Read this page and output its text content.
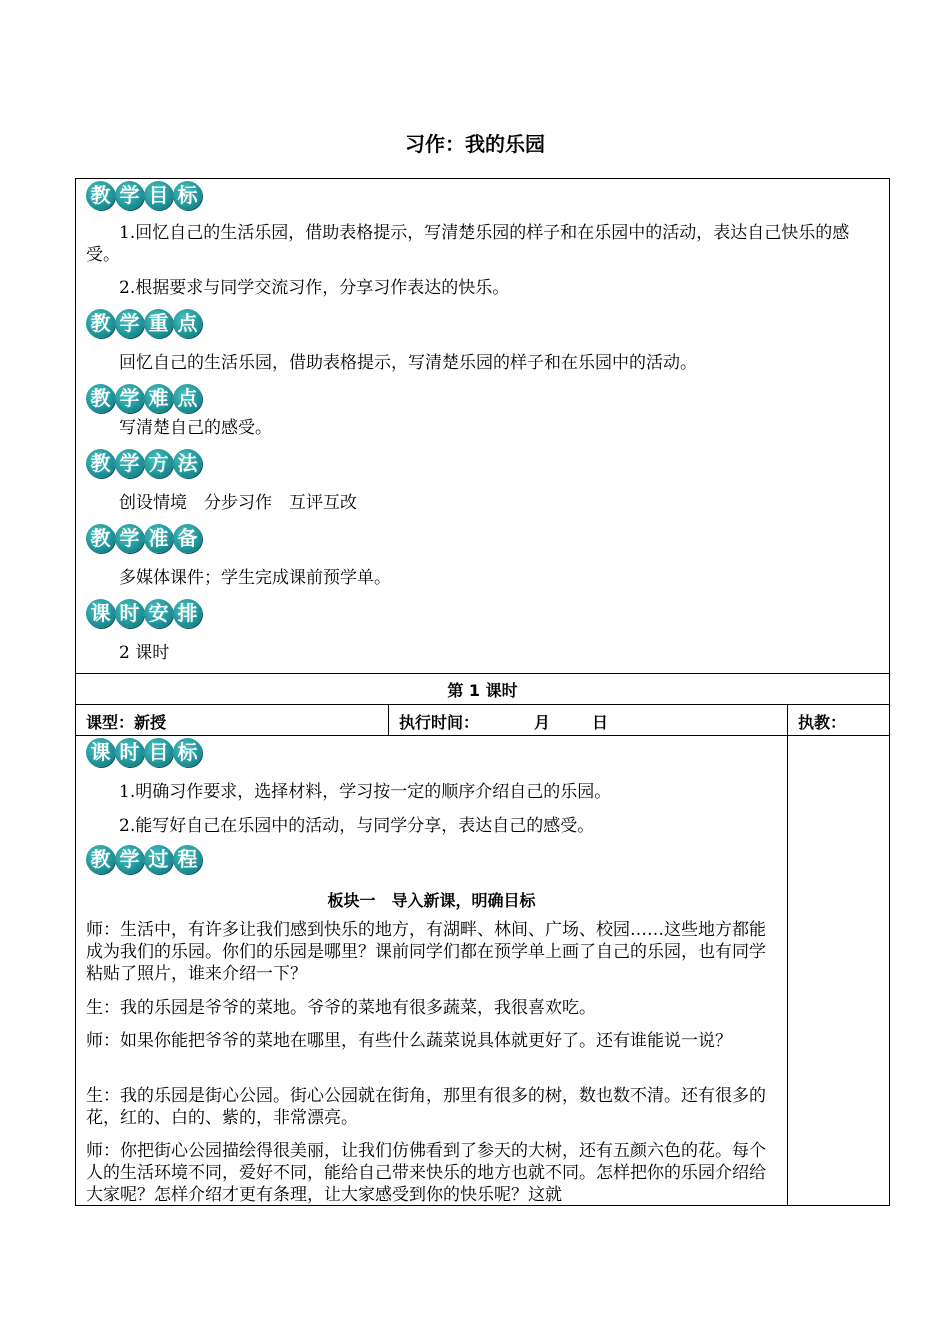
习作：我的乐园
教 学 目 标
1.回忆自己的生活乐园，借助表格提示，写清楚乐园的样子和在乐园中的活动，表达自己快乐的感受。
2.根据要求与同学交流习作，分享习作表达的快乐。
教 学 重 点
回忆自己的生活乐园，借助表格提示，写清楚乐园的样子和在乐园中的活动。
教 学 难 点
写清楚自己的感受。
教 学 方 法
创设情境　分步习作　互评互改
教 学 准 备
多媒体课件；学生完成课前预学单。
课 时 安 排
2 课时
第 1 课时
课型：新授	执行时间：	月	日	执教：
课 时 目 标
1.明确习作要求，选择材料，学习按一定的顺序介绍自己的乐园。
2.能写好自己在乐园中的活动，与同学分享，表达自己的感受。
教 学 过 程
板块一　导入新课，明确目标
师：生活中，有许多让我们感到快乐的地方，有湖畔、林间、广场、校园……这些地方都能成为我们的乐园。你们的乐园是哪里？课前同学们都在预学单上画了自己的乐园，也有同学粘贴了照片，谁来介绍一下？
生：我的乐园是爷爷的菜地。爷爷的菜地有很多蔬菜，我很喜欢吃。
师：如果你能把爷爷的菜地在哪里，有些什么蔬菜说具体就更好了。还有谁能说一说？
生：我的乐园是街心公园。街心公园就在街角，那里有很多的树，数也数不清。还有很多的花，红的、白的、紫的，非常漂亮。
师：你把街心公园描绘得很美丽，让我们仿佛看到了参天的大树，还有五颜六色的花。每个人的生活环境不同，爱好不同，能给自己带来快乐的地方也就不同。怎样把你的乐园介绍给大家呢？怎样介绍才更有条理，让大家感受到你的快乐呢？这就
